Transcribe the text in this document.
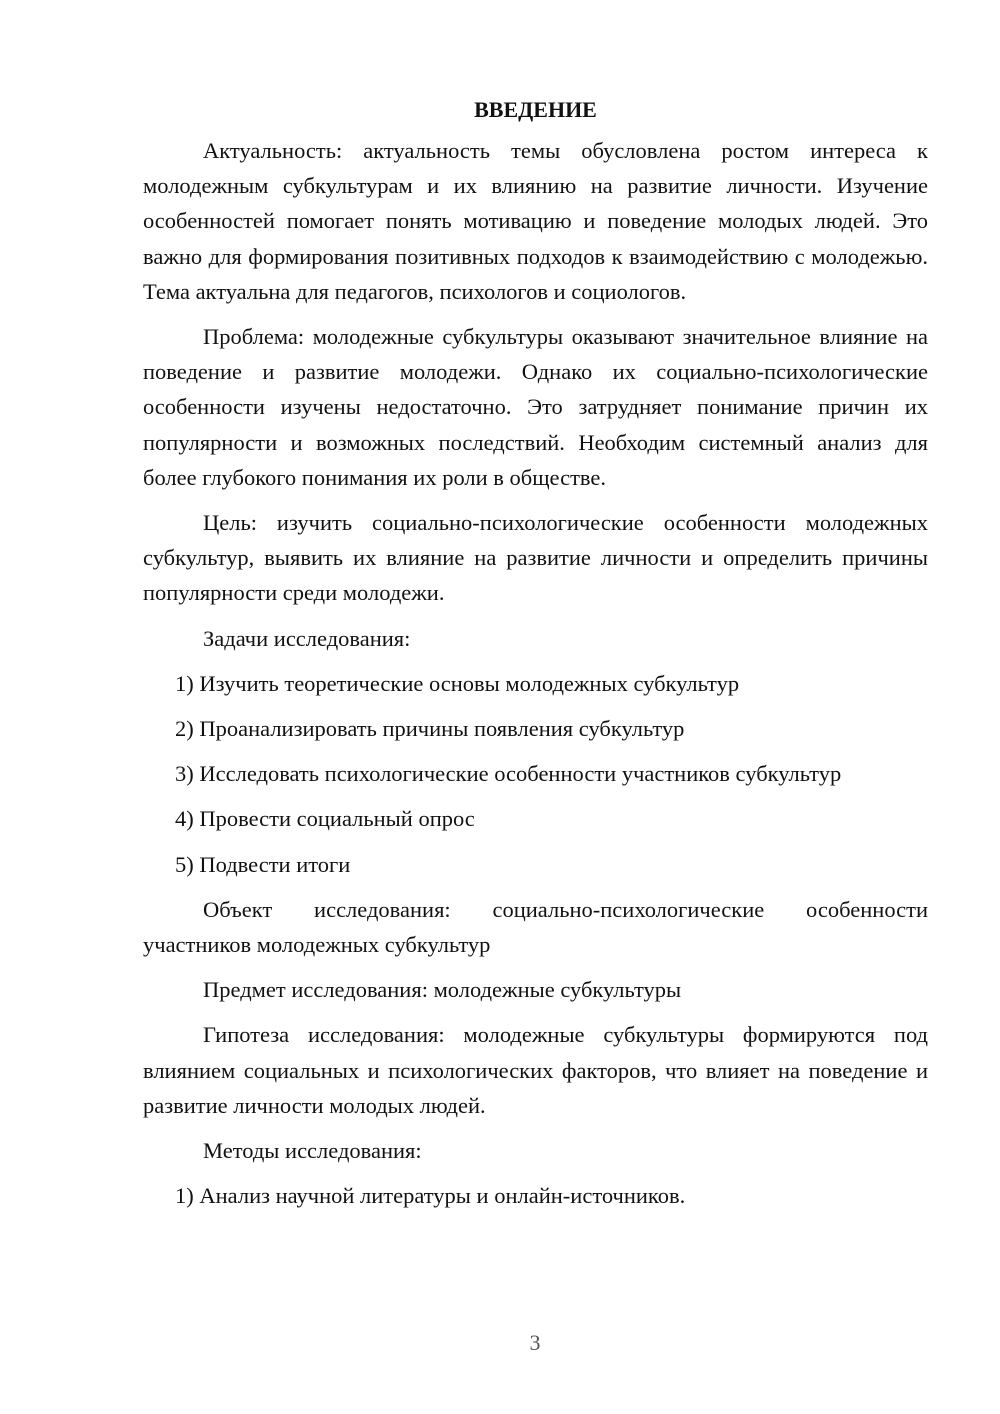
ВВЕДЕНИЕ

Актуальность: актуальность темы обусловлена ростом интереса к молодежным субкультурам и их влиянию на развитие личности. Изучение особенностей помогает понять мотивацию и поведение молодых людей. Это важно для формирования позитивных подходов к взаимодействию с молодежью. Тема актуальна для педагогов, психологов и социологов.

Проблема: молодежные субкультуры оказывают значительное влияние на поведение и развитие молодежи. Однако их социально-психологические особенности изучены недостаточно. Это затрудняет понимание причин их популярности и возможных последствий. Необходим системный анализ для более глубокого понимания их роли в обществе.

Цель: изучить социально-психологические особенности молодежных субкультур, выявить их влияние на развитие личности и определить причины популярности среди молодежи.

Задачи исследования:

1) Изучить теоретические основы молодежных субкультур
2) Проанализировать причины появления субкультур
3) Исследовать психологические особенности участников субкультур
4) Провести социальный опрос
5) Подвести итоги

Объект исследования: социально-психологические особенности участников молодежных субкультур

Предмет исследования: молодежные субкультуры

Гипотеза исследования: молодежные субкультуры формируются под влиянием социальных и психологических факторов, что влияет на поведение и развитие личности молодых людей.

Методы исследования:

1) Анализ научной литературы и онлайн-источников.
3
